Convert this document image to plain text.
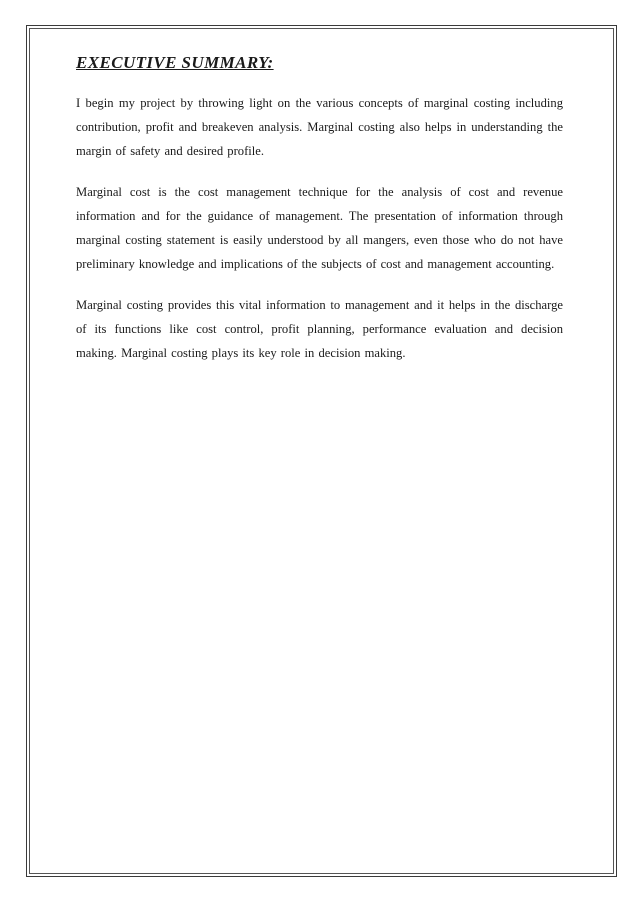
EXECUTIVE SUMMARY:

I begin my project by throwing light on the various concepts of marginal costing including contribution, profit and breakeven analysis. Marginal costing also helps in understanding the margin of safety and desired profile.

Marginal cost is the cost management technique for the analysis of cost and revenue information and for the guidance of management. The presentation of information through marginal costing statement is easily understood by all mangers, even those who do not have preliminary knowledge and implications of the subjects of cost and management accounting.

Marginal costing provides this vital information to management and it helps in the discharge of its functions like cost control, profit planning, performance evaluation and decision making. Marginal costing plays its key role in decision making.
